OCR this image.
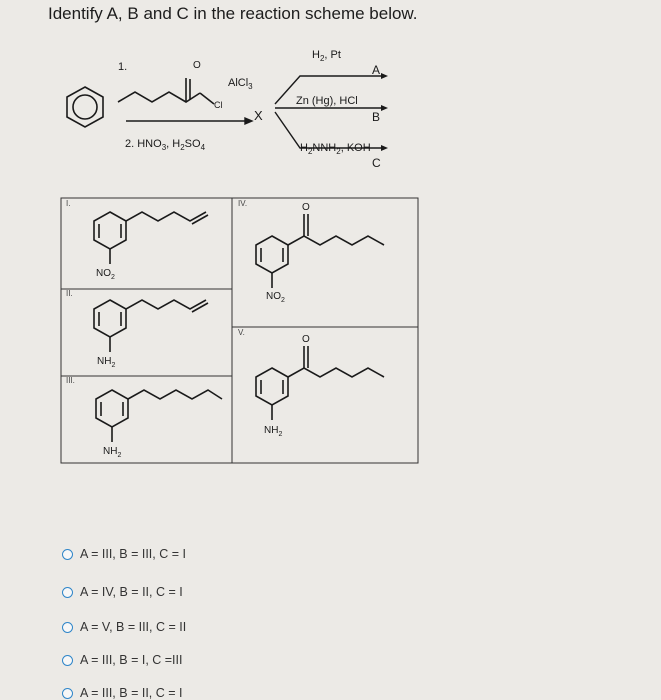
Identify A, B and C in the reaction scheme below.
1.	O
Cl
AlCl$_3$
X
2. $HNO_3$, $H_2SO_4$
$H_2$, Pt
A
Zn (Hg), HCl
B
$H_2NNH_2$, KOH
C
I.
II.
III.
IV.
V.
$NO_2$
$NH_2$
$NH_2$
O
$NO_2$
O
$NH_2$
A = III, B = III, C = I
A = IV, B = II, C = I
A = V, B = III, C = II
A = III, B = I, C =III
A = III, B = II, C = I
